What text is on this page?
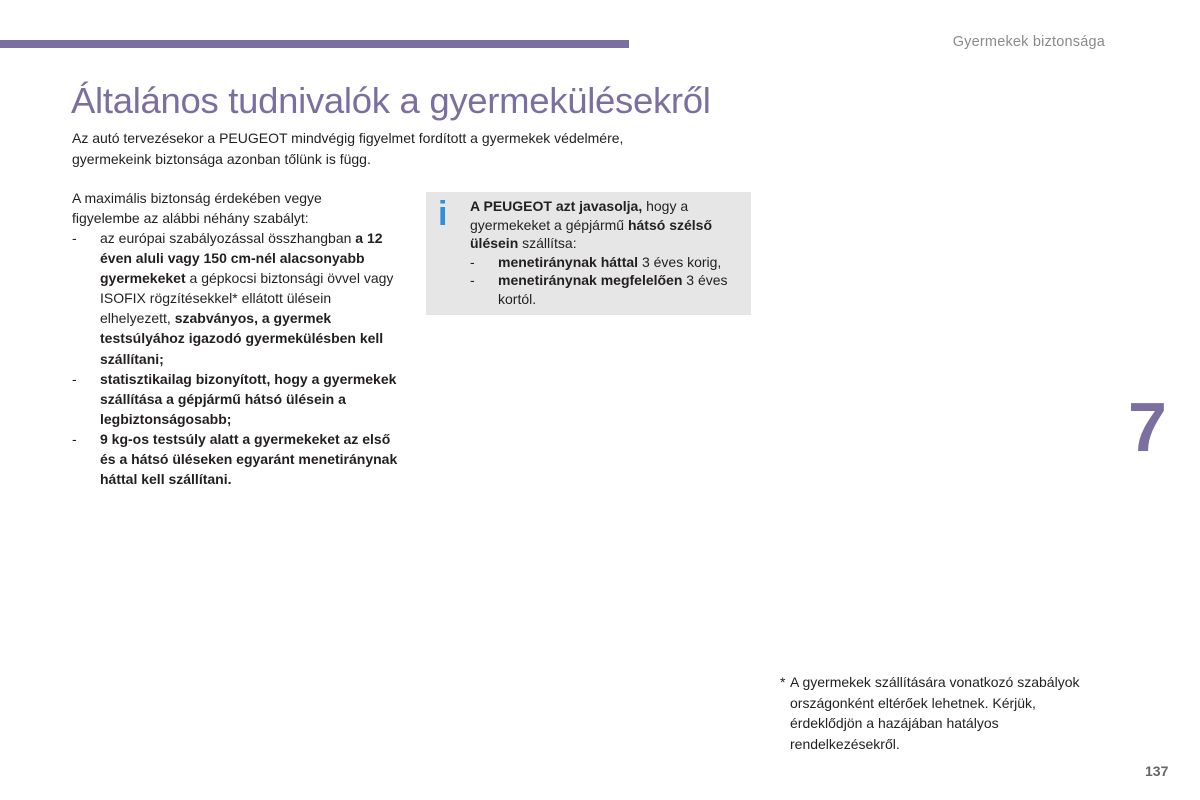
Gyermekek biztonsága
Általános tudnivalók a gyermekülésekről

Az autó tervezésekor a PEUGEOT mindvégig figyelmet fordított a gyermekek védelmére,
gyermekeink biztonsága azonban tőlünk is függ.

A maximális biztonság érdekében vegye
figyelembe az alábbi néhány szabályt:

- az európai szabályozással összhangban a 12 éven aluli vagy 150 cm-nél alacsonyabb gyermekeket a gépkocsi biztonsági övvel vagy ISOFIX rögzítésekkel* ellátott ülésein elhelyezett, szabványos, a gyermek testsúlyához igazodó gyermekülésben kell szállítani;
- statisztikailag bizonyított, hogy a gyermekek szállítása a gépjármű hátsó ülésein a legbiztonságosabb;
- 9 kg-os testsúly alatt a gyermekeket az első és a hátsó üléseken egyaránt menetiránynak háttal kell szállítani.
i A PEUGEOT azt javasolja, hogy a gyermekeket a gépjármű hátsó szélső ülésein szállítsa:
- menetiránynak háttal 3 éves korig,
- menetiránynak megfelelően 3 éves kortól.
7

* A gyermekek szállítására vonatkozó szabályok országonként eltérőek lehetnek. Kérjük, érdeklődjön a hazájában hatályos rendelkezésekről.

137
